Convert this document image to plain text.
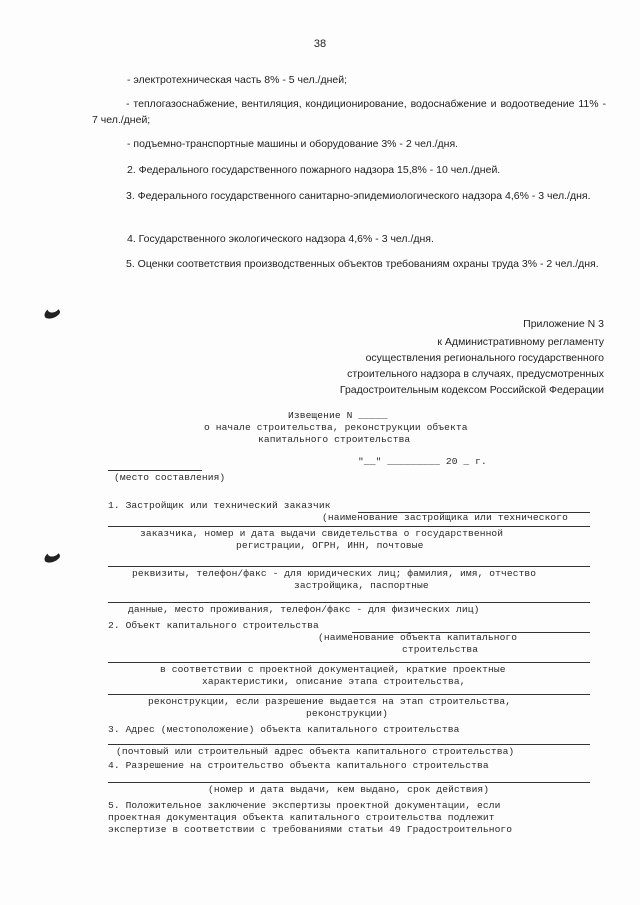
38

- электротехническая часть 8% - 5 чел./дней;

- теплогазоснабжение, вентиляция, кондиционирование, водоснабжение и водоотведение 11% - 7 чел./дней;

- подъемно-транспортные машины и оборудование 3% - 2 чел./дня.

2. Федерального государственного пожарного надзора 15,8% - 10 чел./дней.

3. Федерального государственного санитарно-эпидемиологического надзора 4,6% - 3 чел./дня.

4. Государственного экологического надзора 4,6% - 3 чел./дня.

5. Оценки соответствия производственных объектов требованиям охраны труда 3% - 2 чел./дня.

Приложение N 3
к Административному регламенту
осуществления регионального государственного
строительного надзора в случаях, предусмотренных
Градостроительным кодексом Российской Федерации
Извещение N _____
о начале строительства, реконструкции объекта
капитального строительства
"__" _________ 20 _ г.
(место составления)
1. Застройщик или технический заказчик
(наименование застройщика или технического
заказчика, номер и дата выдачи свидетельства о государственной
регистрации, ОГРН, ИНН, почтовые
реквизиты, телефон/факс - для юридических лиц; фамилия, имя, отчество
застройщика, паспортные
данные, место проживания, телефон/факс - для физических лиц)
2. Объект капитального строительства
(наименование объекта капитального
строительства
в соответствии с проектной документацией, краткие проектные
характеристики, описание этапа строительства,
реконструкции, если разрешение выдается на этап строительства,
реконструкции)
3. Адрес (местоположение) объекта капитального строительства
(почтовый или строительный адрес объекта капитального строительства)
4. Разрешение на строительство объекта капитального строительства
(номер и дата выдачи, кем выдано, срок действия)
5. Положительное заключение экспертизы проектной документации, если
проектная документация объекта капитального строительства подлежит
экспертизе в соответствии с требованиями статьи 49 Градостроительного
